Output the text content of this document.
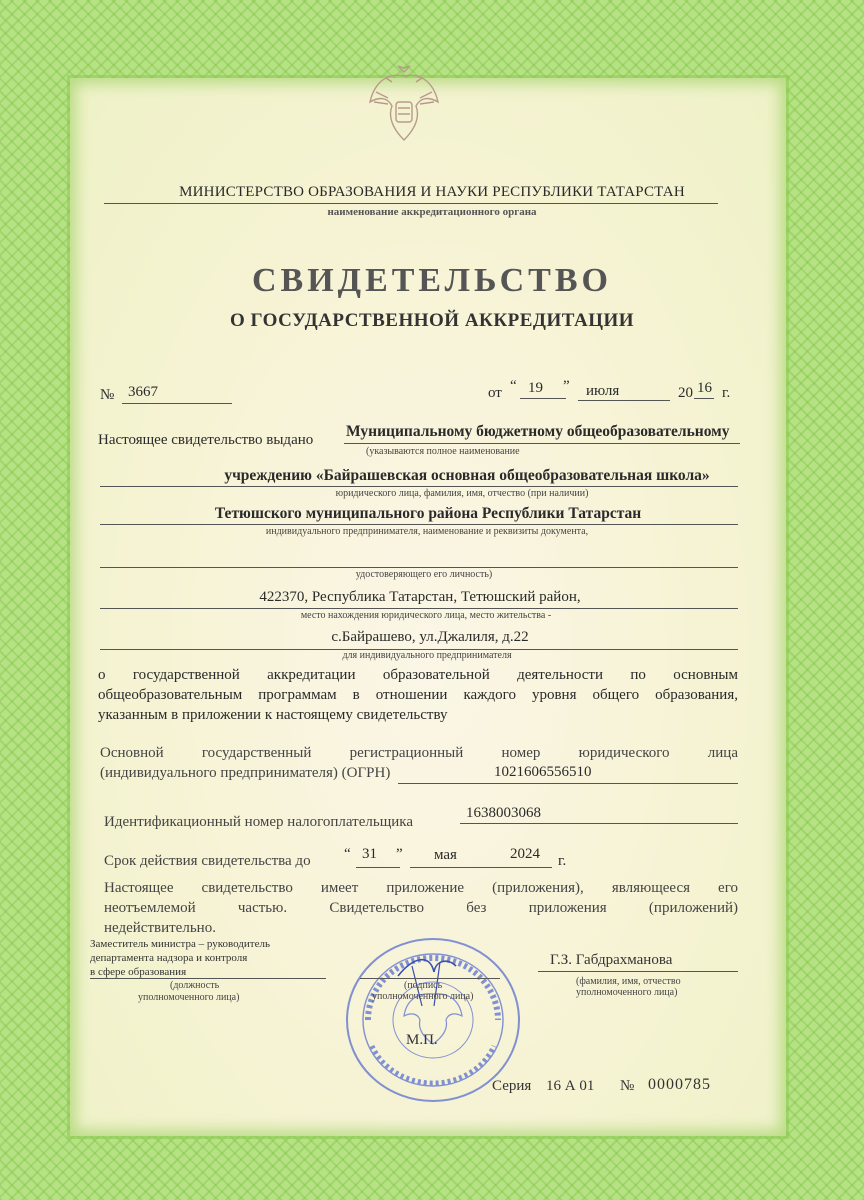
МИНИСТЕРСТВО ОБРАЗОВАНИЯ И НАУКИ РЕСПУБЛИКИ ТАТАРСТАН
наименование аккредитационного органа
СВИДЕТЕЛЬСТВО
О ГОСУДАРСТВЕННОЙ АККРЕДИТАЦИИ
№ 3667	от “ 19 ” июля	20 16 г.
Настоящее свидетельство выдано Муниципальному бюджетному общеобразовательному
(указываются полное наименование
учреждению «Байрашевская основная общеобразовательная школа»
юридического лица, фамилия, имя, отчество (при наличии)
Тетюшского муниципального района Республики Татарстан
индивидуального предпринимателя, наименование и реквизиты документа,
удостоверяющего его личность)
422370, Республика Татарстан, Тетюшский район,
место нахождения юридического лица, место жительства -
с.Байрашево, ул.Джалиля, д.22
для индивидуального предпринимателя
о государственной аккредитации образовательной деятельности по основным
общеобразовательным программам в отношении каждого уровня общего образования,
указанным в приложении к настоящему свидетельству
Основной государственный регистрационный номер юридического лица
(индивидуального предпринимателя) (ОГРН)	1021606556510
Идентификационный номер налогоплательщика
1638003068
Срок действия свидетельства до “ 31 ” мая	2024 г.
Настоящее свидетельство имеет приложение (приложения), являющееся его
неотъемлемой частью. Свидетельство без приложения (приложений)
недействительно.
Заместитель министра – руководитель
департамента надзора и контроля
в сфере образования
(должность
уполномоченного лица)
(подпись
уполномоченного лица)
Г.З. Габдрахманова
(фамилия, имя, отчество
уполномоченного лица)
М.П.
Серия 16 А 01 № 0000785
